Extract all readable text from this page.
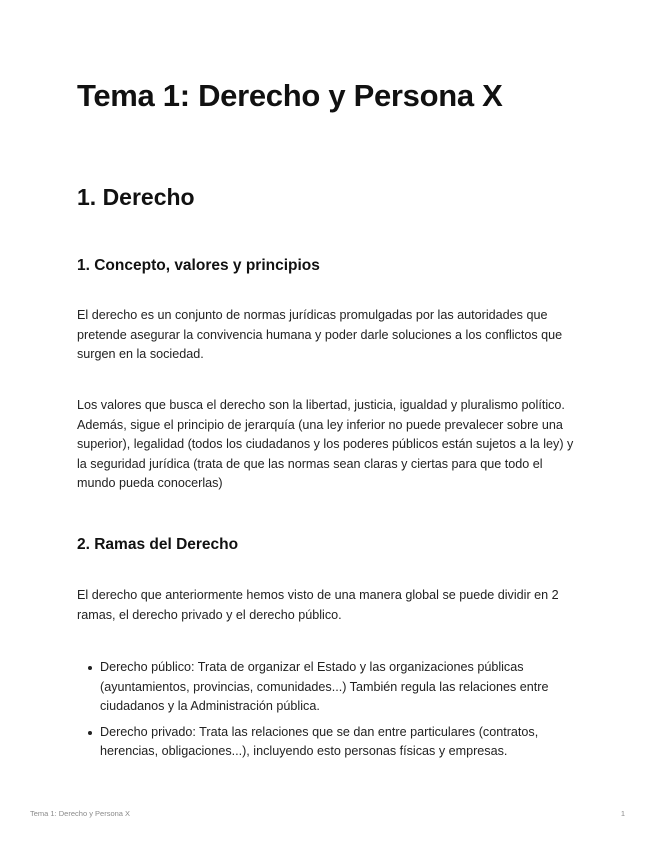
Tema 1: Derecho y Persona X
1. Derecho
1. Concepto, valores y principios

El derecho es un conjunto de normas jurídicas promulgadas por las autoridades que pretende asegurar la convivencia humana y poder darle soluciones a los conflictos que surgen en la sociedad.

Los valores que busca el derecho son la libertad, justicia, igualdad y pluralismo político. Además, sigue el principio de jerarquía (una ley inferior no puede prevalecer sobre una superior), legalidad (todos los ciudadanos y los poderes públicos están sujetos a la ley) y la seguridad jurídica (trata de que las normas sean claras y ciertas para que todo el mundo pueda conocerlas)

2. Ramas del Derecho

El derecho que anteriormente hemos visto de una manera global se puede dividir en 2 ramas, el derecho privado y el derecho público.

Derecho público: Trata de organizar el Estado y las organizaciones públicas (ayuntamientos, provincias, comunidades...) También regula las relaciones entre ciudadanos y la Administración pública.
Derecho privado: Trata las relaciones que se dan entre particulares (contratos, herencias, obligaciones...), incluyendo esto personas físicas y empresas.
Tema 1: Derecho y Persona X	1
